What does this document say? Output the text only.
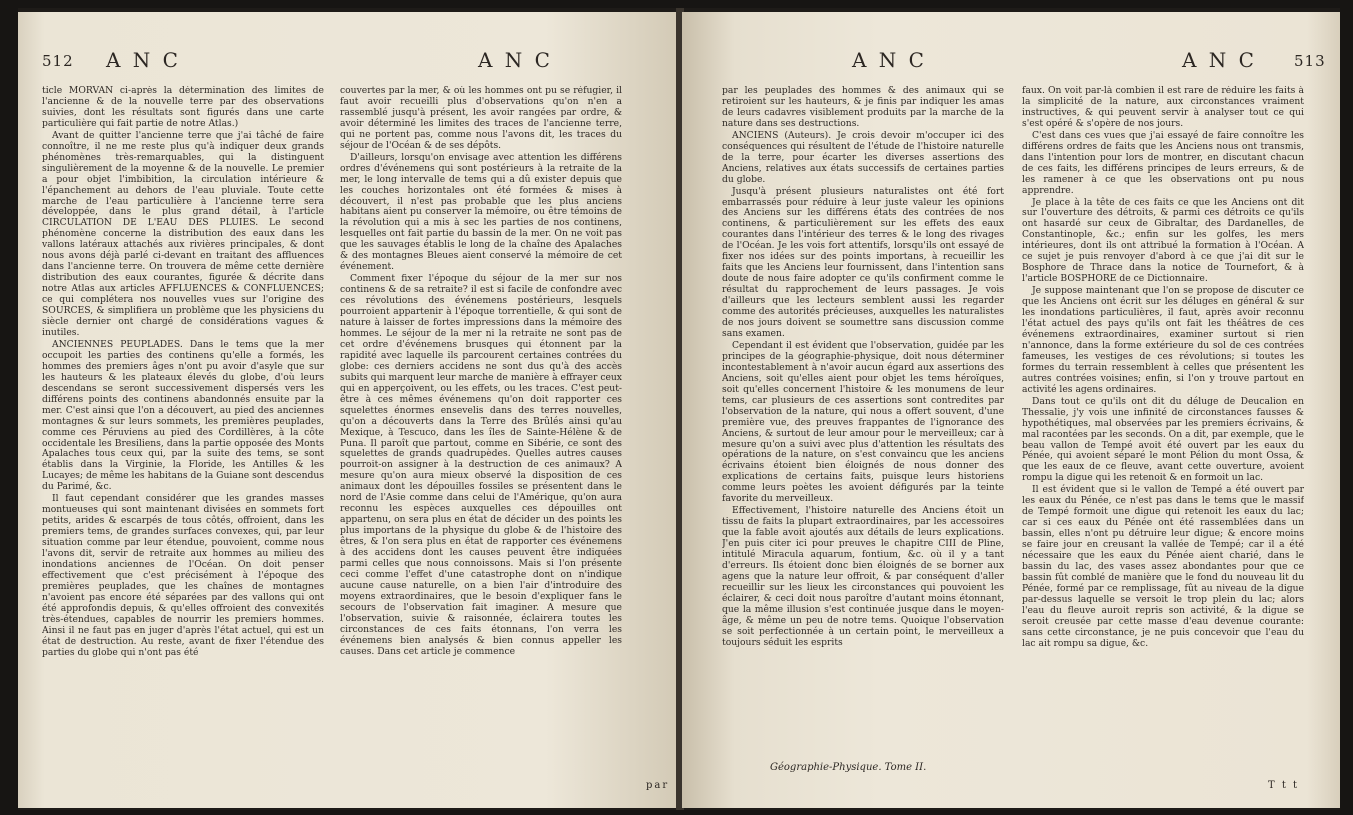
512 A N C	A N C

ticle MORVAN ci-après la détermination des limites de l'ancienne & de la nouvelle terre par des observations suivies, dont les résultats sont figurés dans une carte particulière qui fait partie de notre Atlas.)

Avant de quitter l'ancienne terre que j'ai tâché de faire connoître, il ne me reste plus qu'à indiquer deux grands phénomènes très-remarquables, qui la distinguent singulièrement de la moyenne & de la nouvelle. Le premier a pour objet l'imbibition, la circulation intérieure & l'épanchement au dehors de l'eau pluviale. Toute cette marche de l'eau particulière à l'ancienne terre sera développée, dans le plus grand détail, à l'article CIRCULATION DE L'EAU DES PLUIES. Le second phénomène concerne la distribution des eaux dans les vallons latéraux attachés aux rivières principales, & dont nous avons déjà parlé ci-devant en traitant des affluences dans l'ancienne terre. On trouvera de même cette dernière distribution des eaux courantes, figurée & décrite dans notre Atlas aux articles AFFLUENCES & CONFLUENCES; ce qui complétera nos nouvelles vues sur l'origine des SOURCES, & simplifiera un problème que les physiciens du siècle dernier ont chargé de considérations vagues & inutiles.

ANCIENNES PEUPLADES. Dans le tems que la mer occupoit les parties des continens qu'elle a formés, les hommes des premiers âges n'ont pu avoir d'asyle que sur les hauteurs & les plateaux élevés du globe, d'où leurs descendans se seront successivement dispersés vers les différens points des continens abandonnés ensuite par la mer. C'est ainsi que l'on a découvert, au pied des anciennes montagnes & sur leurs sommets, les premières peuplades, comme ces Péruviens au pied des Cordillères, à la côte occidentale les Bresiliens, dans la partie opposée des Monts Apalaches tous ceux qui, par la suite des tems, se sont établis dans la Virginie, la Floride, les Antilles & les Lucayes; de même les habitans de la Guiane sont descendus du Parimé, &c.

Il faut cependant considérer que les grandes masses montueuses qui sont maintenant divisées en sommets fort petits, arides & escarpés de tous côtés, offroient, dans les premiers tems, de grandes surfaces convexes, qui, par leur situation comme par leur étendue, pouvoient, comme nous l'avons dit, servir de retraite aux hommes au milieu des inondations anciennes de l'Océan. On doit penser effectivement que c'est précisément à l'époque des premières peuplades, que les chaînes de montagnes n'avoient pas encore été séparées par des vallons qui ont été approfondis depuis, & qu'elles offroient des convexités très-étendues, capables de nourrir les premiers hommes. Ainsi il ne faut pas en juger d'après l'état actuel, qui est un état de destruction. Au reste, avant de fixer l'étendue des parties du globe qui n'ont pas été

couvertes par la mer, & où les hommes ont pu se réfugier, il faut avoir recueilli plus d'observations qu'on n'en a rassemblé jusqu'à présent, les avoir rangées par ordre, & avoir déterminé les limites des traces de l'ancienne terre, qui ne portent pas, comme nous l'avons dit, les traces du séjour de l'Océan & de ses dépôts.

D'ailleurs, lorsqu'on envisage avec attention les différens ordres d'événemens qui sont postérieurs à la retraite de la mer, le long intervalle de tems qui a dû exister depuis que les couches horizontales ont été formées & mises à découvert, il n'est pas probable que les plus anciens habitans aient pu conserver la mémoire, ou être témoins de la révolution qui a mis à sec les parties de nos continens, lesquelles ont fait partie du bassin de la mer. On ne voit pas que les sauvages établis le long de la chaîne des Apalaches & des montagnes Bleues aient conservé la mémoire de cet événement.

Comment fixer l'époque du séjour de la mer sur nos continens & de sa retraite? il est si facile de confondre avec ces révolutions des événemens postérieurs, lesquels pourroient appartenir à l'époque torrentielle, & qui sont de nature à laisser de fortes impressions dans la mémoire des hommes. Le séjour de la mer ni la retraite ne sont pas de cet ordre d'événemens brusques qui étonnent par la rapidité avec laquelle ils parcourent certaines contrées du globe: ces derniers accidens ne sont dus qu'à des accès subits qui marquent leur marche de manière à effrayer ceux qui en apperçoivent, ou les effets, ou les traces. C'est peut-être à ces mêmes événemens qu'on doit rapporter ces squelettes énormes ensevelis dans des terres nouvelles, qu'on a découverts dans la Terre des Brûlés ainsi qu'au Mexique, à Tescuco, dans les îles de Sainte-Hélène & de Puna. Il paroît que partout, comme en Sibérie, ce sont des squelettes de grands quadrupèdes. Quelles autres causes pourroit-on assigner à la destruction de ces animaux? A mesure qu'on aura mieux observé la disposition de ces animaux dont les dépouilles fossiles se présentent dans le nord de l'Asie comme dans celui de l'Amérique, qu'on aura reconnu les espèces auxquelles ces dépouilles ont appartenu, on sera plus en état de décider un des points les plus importans de la physique du globe & de l'histoire des êtres, & l'on sera plus en état de rapporter ces événemens à des accidens dont les causes peuvent être indiquées parmi celles que nous connoissons. Mais si l'on présente ceci comme l'effet d'une catastrophe dont on n'indique aucune cause naturelle, on a bien l'air d'introduire des moyens extraordinaires, que le besoin d'expliquer fans le secours de l'observation fait imaginer. A mesure que l'observation, suivie & raisonnée, éclairera toutes les circonstances de ces faits étonnans, l'on verra les événemens bien analysés & bien connus appeller les causes. Dans cet article je commence

par
A N C	A N C 513

par les peuplades des hommes & des animaux qui se retiroient sur les hauteurs, & je finis par indiquer les amas de leurs cadavres visiblement produits par la marche de la nature dans ses destructions.

ANCIENS (Auteurs). Je crois devoir m'occuper ici des conséquences qui résultent de l'étude de l'histoire naturelle de la terre, pour écarter les diverses assertions des Anciens, relatives aux états successifs de certaines parties du globe.

Jusqu'à présent plusieurs naturalistes ont été fort embarrassés pour réduire à leur juste valeur les opinions des Anciens sur les différens états des contrées de nos continens, & particulièrement sur les effets des eaux courantes dans l'intérieur des terres & le long des rivages de l'Océan. Je les vois fort attentifs, lorsqu'ils ont essayé de fixer nos idées sur des points importans, à recueillir les faits que les Anciens leur fournissent, dans l'intention sans doute de nous faire adopter ce qu'ils confirment comme le résultat du rapprochement de leurs passages. Je vois d'ailleurs que les lecteurs semblent aussi les regarder comme des autorités précieuses, auxquelles les naturalistes de nos jours doivent se soumettre sans discussion comme sans examen.

Cependant il est évident que l'observation, guidée par les principes de la géographie-physique, doit nous déterminer incontestablement à n'avoir aucun égard aux assertions des Anciens, soit qu'elles aient pour objet les tems héroïques, soit qu'elles concernent l'histoire & les monumens de leur tems, car plusieurs de ces assertions sont contredites par l'observation de la nature, qui nous a offert souvent, d'une première vue, des preuves frappantes de l'ignorance des Anciens, & surtout de leur amour pour le merveilleux; car à mesure qu'on a suivi avec plus d'attention les résultats des opérations de la nature, on s'est convaincu que les anciens écrivains étoient bien éloignés de nous donner des explications de certains faits, puisque leurs historiens comme leurs poètes les avoient défigurés par la teinte favorite du merveilleux.

Effectivement, l'histoire naturelle des Anciens étoit un tissu de faits la plupart extraordinaires, par les accessoires que la fable avoit ajoutés aux détails de leurs explications. J'en puis citer ici pour preuves le chapitre CIII de Pline, intitulé Miracula aquarum, fontium, &c. où il y a tant d'erreurs. Ils étoient donc bien éloignés de se borner aux agens que la nature leur offroit, & par conséquent d'aller recueillir sur les lieux les circonstances qui pouvoient les éclairer, & ceci doit nous paroître d'autant moins étonnant, que la même illusion s'est continuée jusque dans le moyen-âge, & même un peu de notre tems. Quoique l'observation se soit perfectionnée à un certain point, le merveilleux a toujours séduit les esprits

Géographie-Physique. Tome II.

faux. On voit par-là combien il est rare de réduire les faits à la simplicité de la nature, aux circonstances vraiment instructives, & qui peuvent servir à analyser tout ce qui s'est opéré & s'opère de nos jours.

C'est dans ces vues que j'ai essayé de faire connoître les différens ordres de faits que les Anciens nous ont transmis, dans l'intention pour lors de montrer, en discutant chacun de ces faits, les différens principes de leurs erreurs, & de les ramener à ce que les observations ont pu nous apprendre.

Je place à la tête de ces faits ce que les Anciens ont dit sur l'ouverture des détroits, & parmi ces détroits ce qu'ils ont hasardé sur ceux de Gibraltar, des Dardanelles, de Constantinople, &c.; enfin sur les golfes, les mers intérieures, dont ils ont attribué la formation à l'Océan. A ce sujet je puis renvoyer d'abord à ce que j'ai dit sur le Bosphore de Thrace dans la notice de Tournefort, & à l'article BOSPHORE de ce Dictionnaire.

Je suppose maintenant que l'on se propose de discuter ce que les Anciens ont écrit sur les déluges en général & sur les inondations particulières, il faut, après avoir reconnu l'état actuel des pays qu'ils ont fait les théâtres de ces événemens extraordinaires, examiner surtout si rien n'annonce, dans la forme extérieure du sol de ces contrées fameuses, les vestiges de ces révolutions; si toutes les formes du terrain ressemblent à celles que présentent les autres contrées voisines; enfin, si l'on y trouve partout en activité les agens ordinaires.

Dans tout ce qu'ils ont dit du déluge de Deucalion en Thessalie, j'y vois une infinité de circonstances fausses & hypothétiques, mal observées par les premiers écrivains, & mal racontées par les seconds. On a dit, par exemple, que le beau vallon de Tempé avoit été ouvert par les eaux du Pénée, qui avoient séparé le mont Pélion du mont Ossa, & que les eaux de ce fleuve, avant cette ouverture, avoient rompu la digue qui les retenoit & en formoit un lac.

Il est évident que si le vallon de Tempé a été ouvert par les eaux du Pénée, ce n'est pas dans le tems que le massif de Tempé formoit une digue qui retenoit les eaux du lac; car si ces eaux du Pénée ont été rassemblées dans un bassin, elles n'ont pu détruire leur digue; & encore moins se faire jour en creusant la vallée de Tempé; car il a été nécessaire que les eaux du Pénée aient charié, dans le bassin du lac, des vases assez abondantes pour que ce bassin fût comblé de manière que le fond du nouveau lit du Pénée, formé par ce remplissage, fût au niveau de la digue par-dessus laquelle se versoit le trop plein du lac; alors l'eau du fleuve auroit repris son activité, & la digue se seroit creusée par cette masse d'eau devenue courante: sans cette circonstance, je ne puis concevoir que l'eau du lac ait rompu sa digue, &c.

T t t
